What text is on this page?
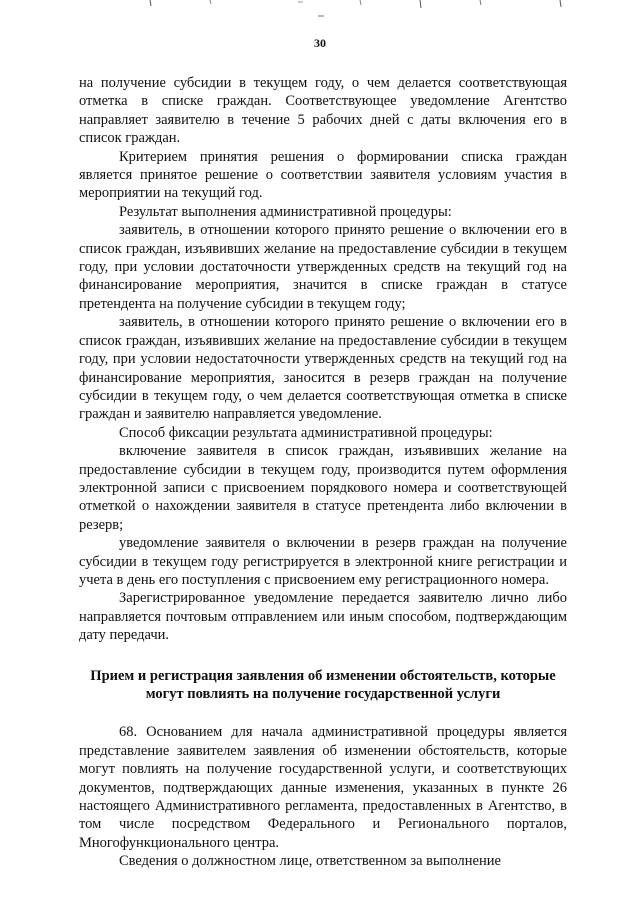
30

на получение субсидии в текущем году, о чем делается соответствующая отметка в списке граждан. Соответствующее уведомление Агентство направляет заявителю в течение 5 рабочих дней с даты включения его в список граждан.

Критерием принятия решения о формировании списка граждан является принятое решение о соответствии заявителя условиям участия в мероприятии на текущий год.

Результат выполнения административной процедуры:

заявитель, в отношении которого принято решение о включении его в список граждан, изъявивших желание на предоставление субсидии в текущем году, при условии достаточности утвержденных средств на текущий год на финансирование мероприятия, значится в списке граждан в статусе претендента на получение субсидии в текущем году;

заявитель, в отношении которого принято решение о включении его в список граждан, изъявивших желание на предоставление субсидии в текущем году, при условии недостаточности утвержденных средств на текущий год на финансирование мероприятия, заносится в резерв граждан на получение субсидии в текущем году, о чем делается соответствующая отметка в списке граждан и заявителю направляется уведомление.

Способ фиксации результата административной процедуры:

включение заявителя в список граждан, изъявивших желание на предоставление субсидии в текущем году, производится путем оформления электронной записи с присвоением порядкового номера и соответствующей отметкой о нахождении заявителя в статусе претендента либо включении в резерв;

уведомление заявителя о включении в резерв граждан на получение субсидии в текущем году регистрируется в электронной книге регистрации и учета в день его поступления с присвоением ему регистрационного номера.

Зарегистрированное уведомление передается заявителю лично либо направляется почтовым отправлением или иным способом, подтверждающим дату передачи.

Прием и регистрация заявления об изменении обстоятельств, которые могут повлиять на получение государственной услуги

68. Основанием для начала административной процедуры является представление заявителем заявления об изменении обстоятельств, которые могут повлиять на получение государственной услуги, и соответствующих документов, подтверждающих данные изменения, указанных в пункте 26 настоящего Административного регламента, предоставленных в Агентство, в том числе посредством Федерального и Регионального порталов, Многофункционального центра.

Сведения о должностном лице, ответственном за выполнение
